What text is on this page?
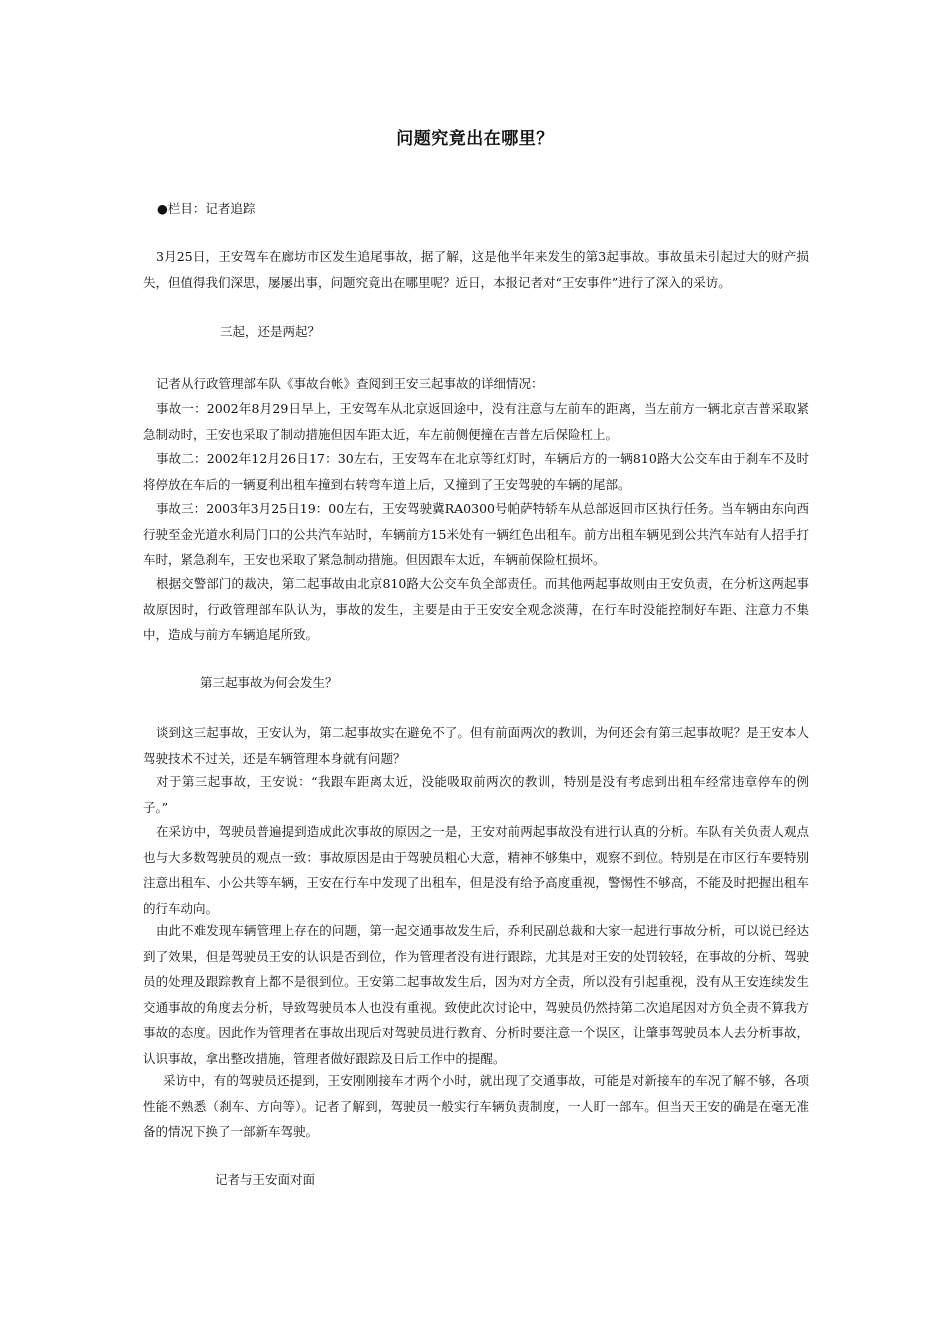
问题究竟出在哪里？

●栏目：记者追踪

3月25日，王安驾车在廊坊市区发生追尾事故，据了解，这是他半年来发生的第3起事故。事故虽未引起过大的财产损失，但值得我们深思，屡屡出事，问题究竟出在哪里呢？近日，本报记者对“王安事件”进行了深入的采访。

三起，还是两起？

记者从行政管理部车队《事故台帐》查阅到王安三起事故的详细情况：

事故一：2002年8月29日早上，王安驾车从北京返回途中，没有注意与左前车的距离，当左前方一辆北京吉普采取紧急制动时，王安也采取了制动措施但因车距太近，车左前侧便撞在吉普左后保险杠上。

事故二：2002年12月26日17：30左右，王安驾车在北京等红灯时，车辆后方的一辆810路大公交车由于刹车不及时将停放在车后的一辆夏利出租车撞到右转弯车道上后，又撞到了王安驾驶的车辆的尾部。

事故三：2003年3月25日19：00左右，王安驾驶冀RA0300号帕萨特轿车从总部返回市区执行任务。当车辆由东向西行驶至金光道水利局门口的公共汽车站时，车辆前方15米处有一辆红色出租车。前方出租车辆见到公共汽车站有人招手打车时，紧急刹车，王安也采取了紧急制动措施。但因跟车太近，车辆前保险杠损坏。

根据交警部门的裁决，第二起事故由北京810路大公交车负全部责任。而其他两起事故则由王安负责，在分析这两起事故原因时，行政管理部车队认为，事故的发生，主要是由于王安安全观念淡薄，在行车时没能控制好车距、注意力不集中，造成与前方车辆追尾所致。

第三起事故为何会发生？

谈到这三起事故，王安认为，第二起事故实在避免不了。但有前面两次的教训，为何还会有第三起事故呢？是王安本人驾驶技术不过关，还是车辆管理本身就有问题？

对于第三起事故，王安说：“我跟车距离太近，没能吸取前两次的教训，特别是没有考虑到出租车经常违章停车的例子。”

在采访中，驾驶员普遍提到造成此次事故的原因之一是，王安对前两起事故没有进行认真的分析。车队有关负责人观点也与大多数驾驶员的观点一致：事故原因是由于驾驶员粗心大意，精神不够集中，观察不到位。特别是在市区行车要特别注意出租车、小公共等车辆，王安在行车中发现了出租车，但是没有给予高度重视，警惕性不够高，不能及时把握出租车的行车动向。

由此不难发现车辆管理上存在的问题，第一起交通事故发生后，乔利民副总裁和大家一起进行事故分析，可以说已经达到了效果，但是驾驶员王安的认识是否到位，作为管理者没有进行跟踪，尤其是对王安的处罚较轻，在事故的分析、驾驶员的处理及跟踪教育上都不是很到位。王安第二起事故发生后，因为对方全责，所以没有引起重视，没有从王安连续发生交通事故的角度去分析，导致驾驶员本人也没有重视。致使此次讨论中，驾驶员仍然持第二次追尾因对方负全责不算我方事故的态度。因此作为管理者在事故出现后对驾驶员进行教育、分析时要注意一个误区，让肇事驾驶员本人去分析事故，认识事故，拿出整改措施，管理者做好跟踪及日后工作中的提醒。

采访中，有的驾驶员还提到，王安刚刚接车才两个小时，就出现了交通事故，可能是对新接车的车况了解不够，各项性能不熟悉（刹车、方向等）。记者了解到，驾驶员一般实行车辆负责制度，一人盯一部车。但当天王安的确是在毫无准备的情况下换了一部新车驾驶。

记者与王安面对面
